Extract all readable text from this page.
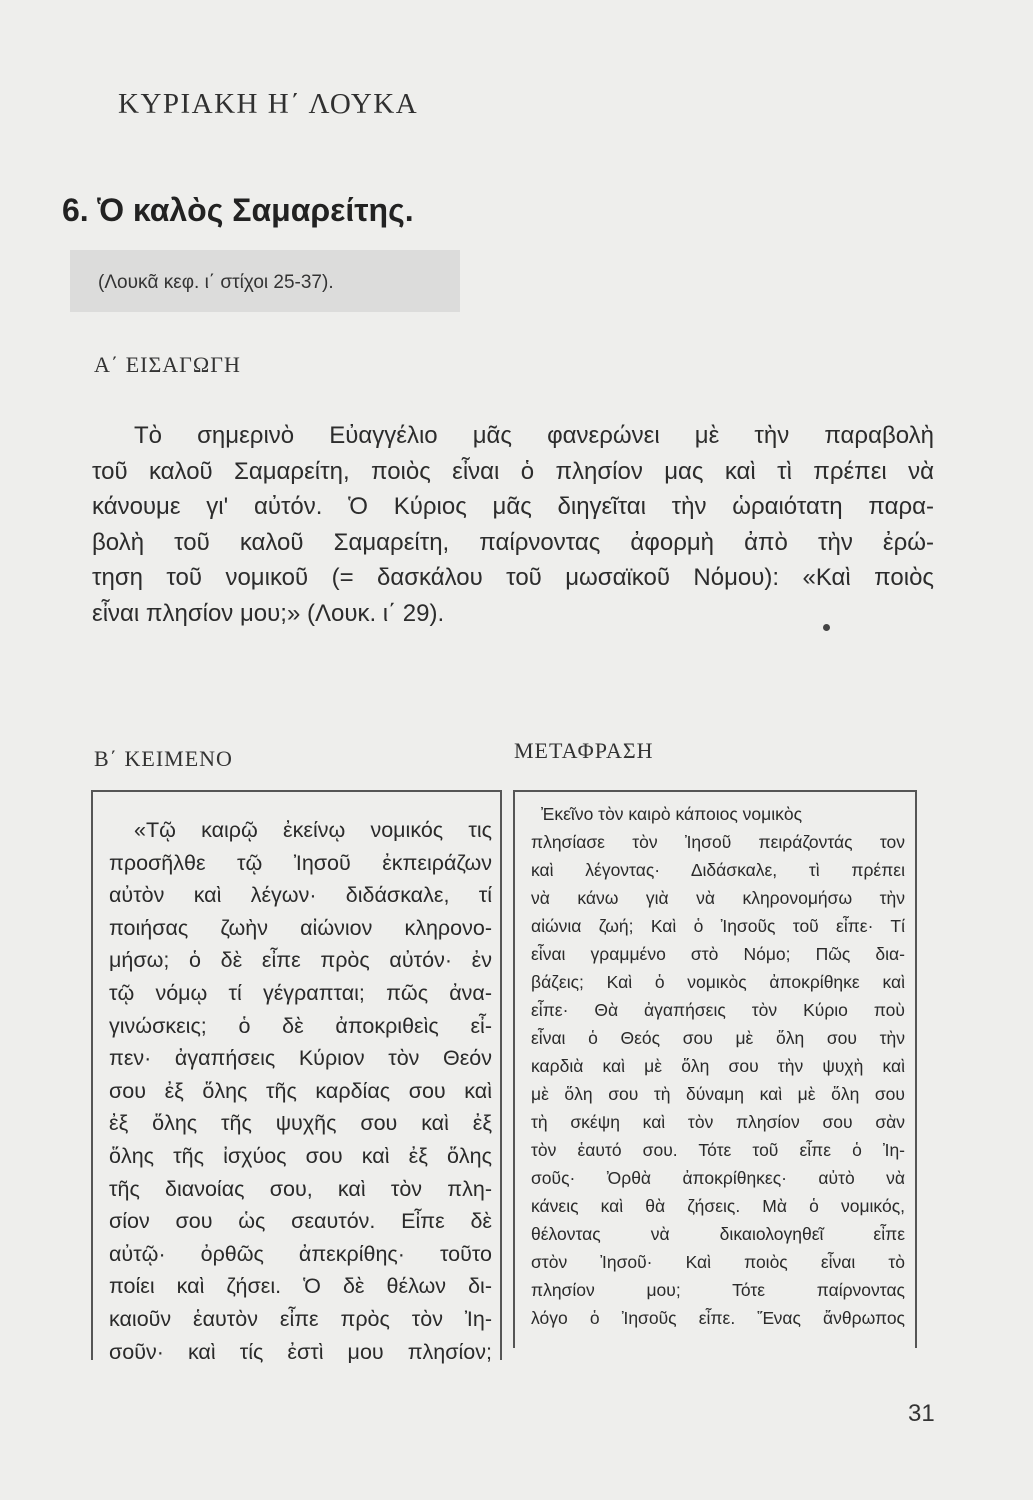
ΚΥΡΙΑΚΗ Η΄ ΛΟΥΚΑ
6. Ὁ καλὸς Σαμαρείτης.
(Λουκᾶ κεφ. ι΄ στίχοι 25-37).
Α΄ ΕΙΣΑΓΩΓΗ
Τὸ σημερινὸ Εὐαγγέλιο μᾶς φανερώνει μὲ τὴν παραβολὴ
τοῦ καλοῦ Σαμαρείτη, ποιὸς εἶναι ὁ πλησίον μας καὶ τὶ πρέπει νὰ
κάνουμε γι' αὐτόν. Ὁ Κύριος μᾶς διηγεῖται τὴν ὡραιότατη παρα-
βολὴ τοῦ καλοῦ Σαμαρείτη, παίρνοντας ἀφορμὴ ἀπὸ τὴν ἐρώ-
τηση τοῦ νομικοῦ (= δασκάλου τοῦ μωσαϊκοῦ Νόμου): «Καὶ ποιὸς
εἶναι πλησίον μου;» (Λουκ. ι΄ 29).
Β΄ ΚΕΙΜΕΝΟ	ΜΕΤΑΦΡΑΣΗ
«Τῷ καιρῷ ἐκείνῳ νομικός τις
προσῆλθε τῷ Ἰησοῦ ἐκπειράζων
αὐτὸν καὶ λέγων· διδάσκαλε, τί
ποιήσας ζωὴν αἰώνιον κληρονο-
μήσω; ὁ δὲ εἶπε πρὸς αὐτόν· ἐν
τῷ νόμῳ τί γέγραπται; πῶς ἀνα-
γινώσκεις; ὁ δὲ ἀποκριθεὶς εἶ-
πεν· ἀγαπήσεις Κύριον τὸν Θεόν
σου ἐξ ὅλης τῆς καρδίας σου καὶ
ἐξ ὅλης τῆς ψυχῆς σου καὶ ἐξ
ὅλης τῆς ἰσχύος σου καὶ ἐξ ὅλης
τῆς διανοίας σου, καὶ τὸν πλη-
σίον σου ὡς σεαυτόν. Εἶπε δὲ
αὐτῷ· ὀρθῶς ἀπεκρίθης· τοῦτο
ποίει καὶ ζήσει. Ὁ δὲ θέλων δι-
καιοῦν ἑαυτὸν εἶπε πρὸς τὸν Ἰη-
σοῦν· καὶ τίς ἐστὶ μου πλησίον;
Ἐκεῖνο τὸν καιρὸ κάποιος νομικὸς
πλησίασε τὸν Ἰησοῦ πειράζοντάς τον
καὶ λέγοντας· Διδάσκαλε, τὶ πρέπει
νὰ κάνω γιὰ νὰ κληρονομήσω τὴν
αἰώνια ζωή; Καὶ ὁ Ἰησοῦς τοῦ εἶπε· Τί
εἶναι γραμμένο στὸ Νόμο; Πῶς δια-
βάζεις; Καὶ ὁ νομικὸς ἀποκρίθηκε καὶ
εἶπε· Θὰ ἀγαπήσεις τὸν Κύριο ποὺ
εἶναι ὁ Θεός σου μὲ ὅλη σου τὴν
καρδιὰ καὶ μὲ ὅλη σου τὴν ψυχὴ καὶ
μὲ ὅλη σου τὴ δύναμη καὶ μὲ ὅλη σου
τὴ σκέψη καὶ τὸν πλησίον σου σὰν
τὸν ἑαυτό σου. Τότε τοῦ εἶπε ὁ Ἰη-
σοῦς· Ὀρθὰ ἀποκρίθηκες· αὐτὸ νὰ
κάνεις καὶ θὰ ζήσεις. Μὰ ὁ νομικός,
θέλοντας νὰ δικαιολογηθεῖ εἶπε
στὸν Ἰησοῦ· Καὶ ποιὸς εἶναι τὸ
πλησίον μου; Τότε παίρνοντας
λόγο ὁ Ἰησοῦς εἶπε. Ἕνας ἄνθρωπος
31
